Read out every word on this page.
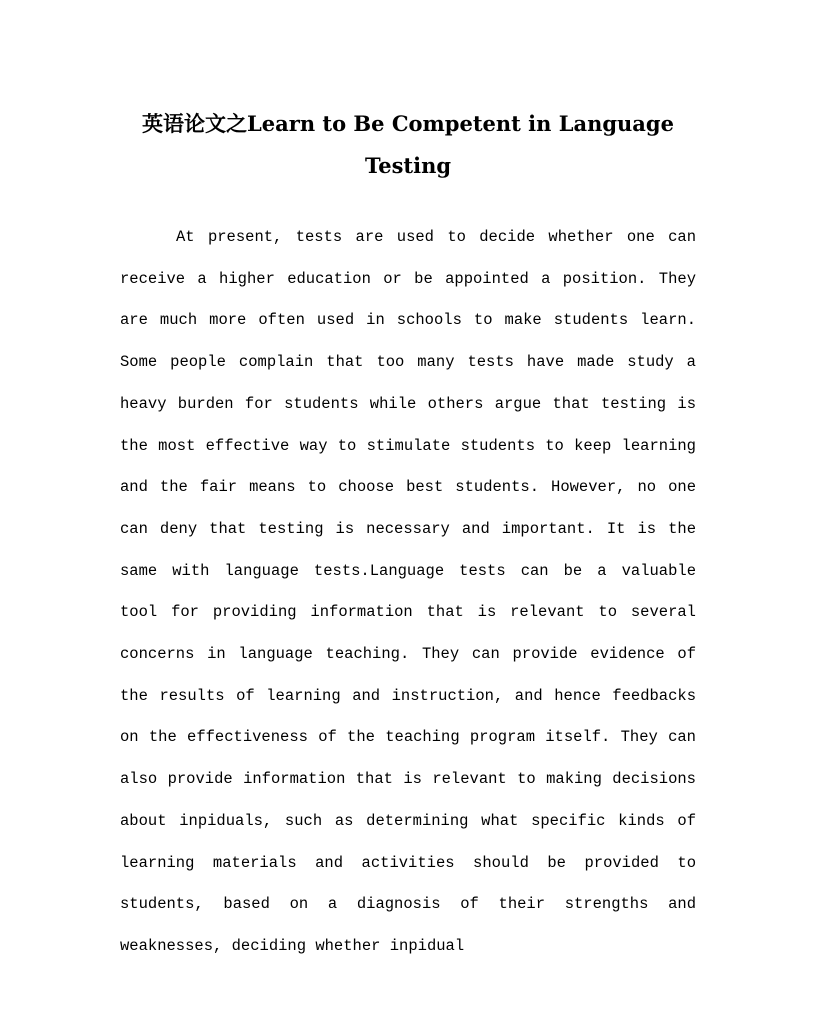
英语论文之Learn to Be Competent in Language Testing

At present, tests are used to decide whether one can receive a higher education or be appointed a position. They are much more often used in schools to make students learn. Some people complain that too many tests have made study a heavy burden for students while others argue that testing is the most effective way to stimulate students to keep learning and the fair means to choose best students. However, no one can deny that testing is necessary and important. It is the same with language tests.Language tests can be a valuable tool for providing information that is relevant to several concerns in language teaching. They can provide evidence of the results of learning and instruction, and hence feedbacks on the effectiveness of the teaching program itself. They can also provide information that is relevant to making decisions about inpiduals, such as determining what specific kinds of learning materials and activities should be provided to students, based on a diagnosis of their strengths and weaknesses, deciding whether inpidual
